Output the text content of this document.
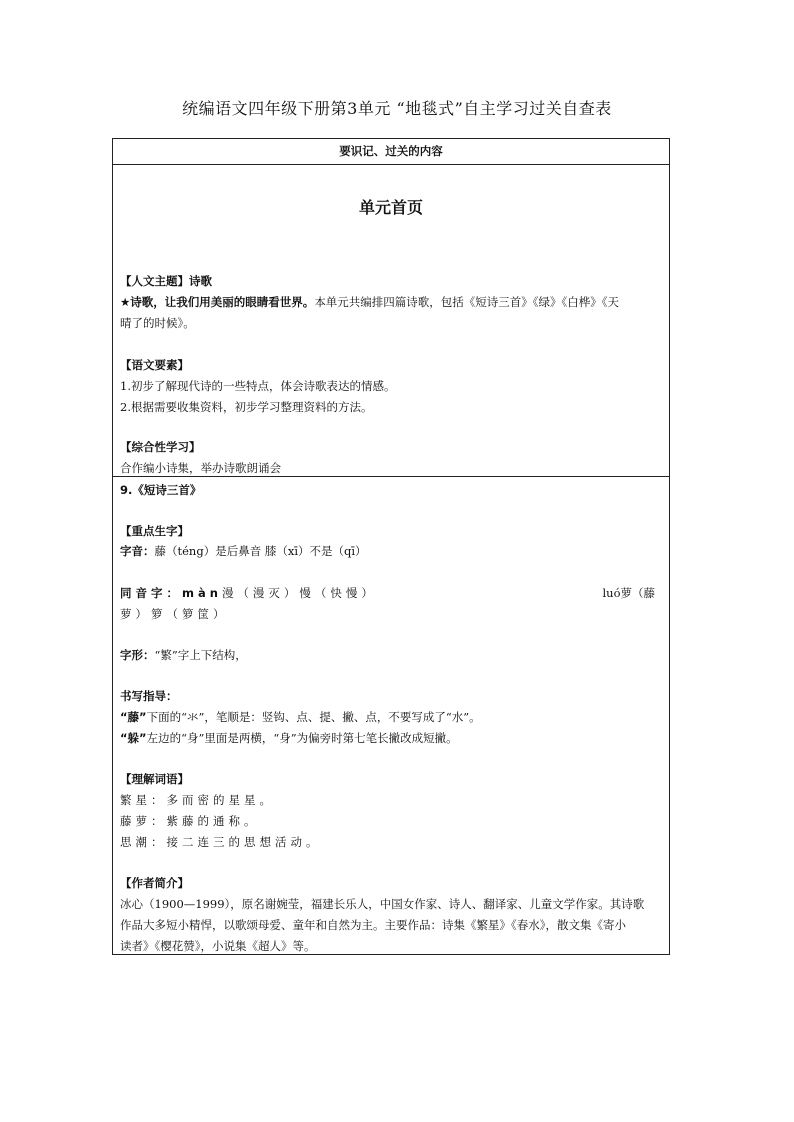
统编语文四年级下册第3单元 “地毯式”自主学习过关自查表
要识记、过关的内容
单元首页
【人文主题】诗歌
★诗歌，让我们用美丽的眼睛看世界。本单元共编排四篇诗歌，包括《短诗三首》《绿》《白桦》《天
晴了的时候》。
【语文要素】
1.初步了解现代诗的一些特点，体会诗歌表达的情感。
2.根据需要收集资料，初步学习整理资料的方法。
【综合性学习】
合作编小诗集，举办诗歌朗诵会
9.《短诗三首》
【重点生字】
字音：藤（téng）是后鼻音 膝（xī）不是（qī）
同音字：màn漫（漫灭）慢（快慢）	luó萝（藤
萝）箩（箩筐）
字形：“繁”字上下结构，
书写指导：
“藤”下面的“氺”，笔顺是：竖钩、点、提、撇、点，不要写成了“水”。
“躲”左边的“身”里面是两横，“身”为偏旁时第七笔长撇改成短撇。
【理解词语】
繁星：多而密的星星。
藤萝：紫藤的通称。
思潮：接二连三的思想活动。
【作者简介】
冰心（1900—1999），原名谢婉莹，福建长乐人，中国女作家、诗人、翻译家、儿童文学作家。其诗歌
作品大多短小精悍，以歌颂母爱、童年和自然为主。主要作品：诗集《繁星》《春水》，散文集《寄小
读者》《樱花赞》，小说集《超人》等。
